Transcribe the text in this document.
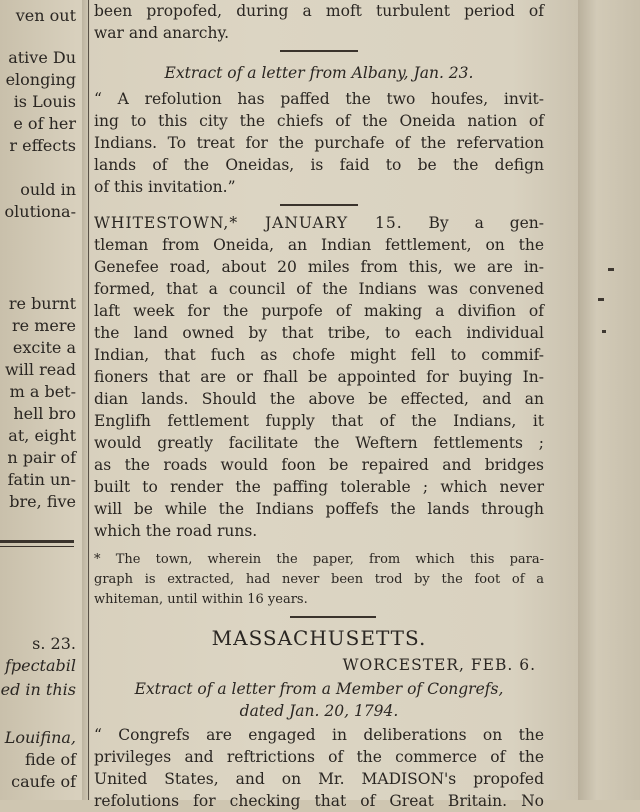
ven out
ative Du
elonging
is Louis
e of her
r effects
ould in
olutiona-
re burnt
re mere
excite a
will read
m a bet-
hell bro
at, eight
n pair of
fatin un-
bre, five
s. 23.
fpectabil
ed in this
Louifina,
fide of
caufe of
been propofed, during a moft turbulent period of
war and anarchy.
Extract of a letter from Albany, Jan. 23.
“ A refolution has paffed the two houfes, invit-
ing to this city the chiefs of the Oneida nation of
Indians. To treat for the purchafe of the refervation
lands of the Oneidas, is faid to be the defign
of this invitation.”
WHITESTOWN,* JANUARY 15. By a gen-
tleman from Oneida, an Indian fettlement, on the
Genefee road, about 20 miles from this, we are in-
formed, that a council of the Indians was convened
laft week for the purpofe of making a divifion of
the land owned by that tribe, to each individual
Indian, that fuch as chofe might fell to commif-
fioners that are or fhall be appointed for buying In-
dian lands. Should the above be effected, and an
Englifh fettlement fupply that of the Indians, it
would greatly facilitate the Weftern fettlements ;
as the roads would foon be repaired and bridges
built to render the paffing tolerable ; which never
will be while the Indians poffefs the lands through
which the road runs.
* The town, wherein the paper, from which this para-
graph is extracted, had never been trod by the foot of a
whiteman, until within 16 years.
MASSACHUSETTS.
WORCESTER, FEB. 6.
Extract of a letter from a Member of Congrefs,
dated Jan. 20, 1794.
“ Congrefs are engaged in deliberations on the
privileges and reftrictions of the commerce of the
United States, and on Mr. MADISON's propofed
refolutions for checking that of Great Britain. No
